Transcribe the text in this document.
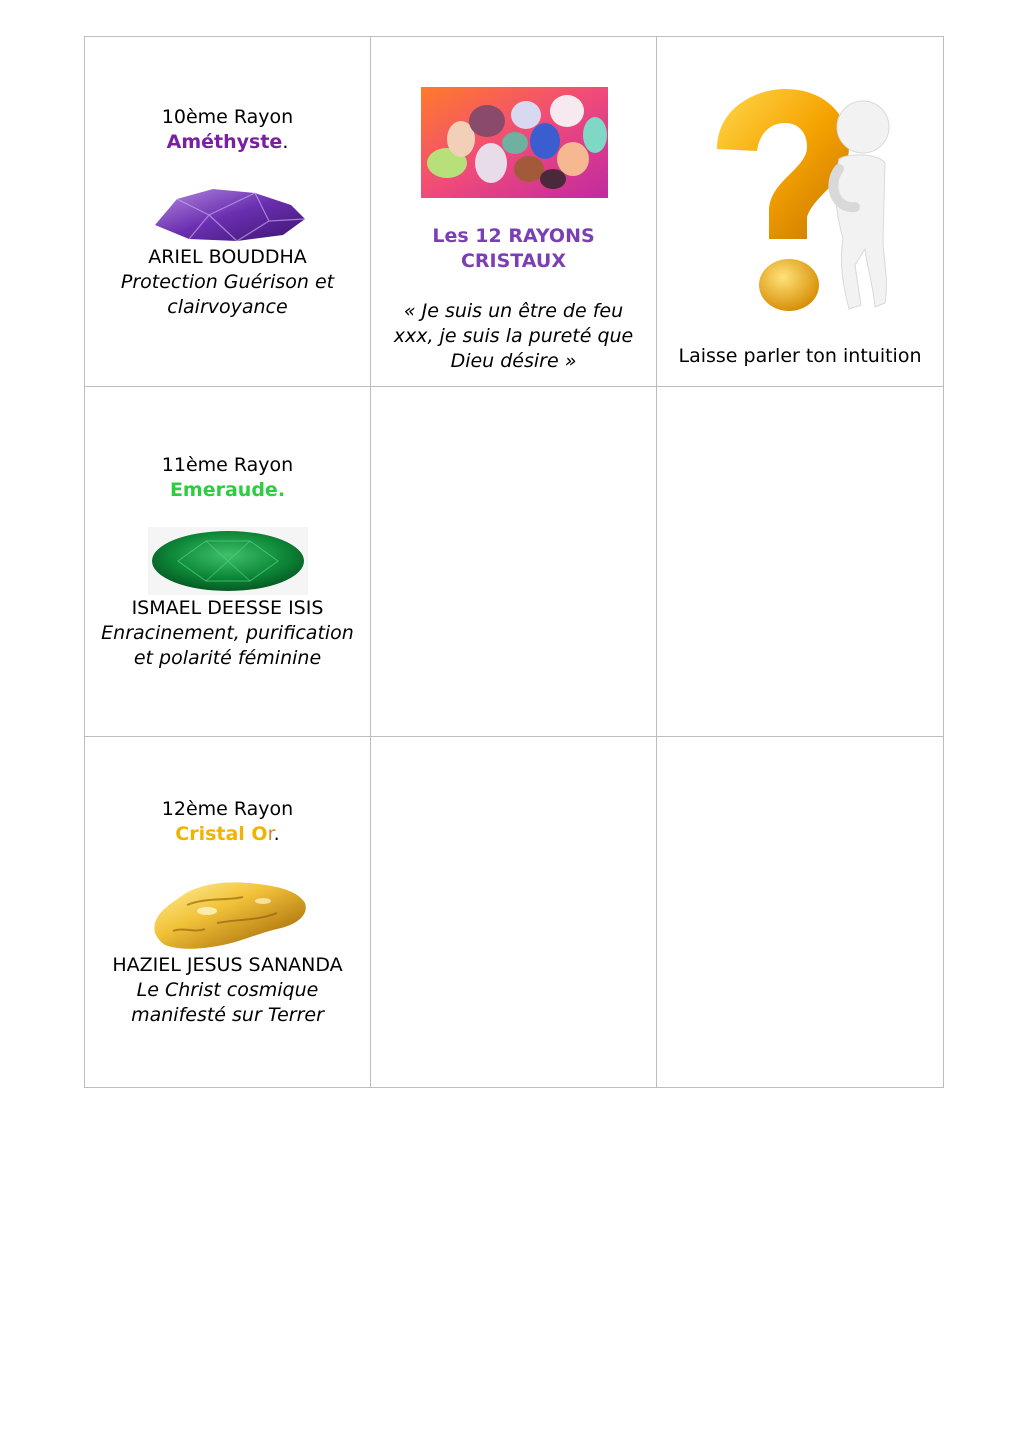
10ème Rayon
Améthyste.
ARIEL BOUDDHA
Protection Guérison et
clairvoyance
Les 12 RAYONS
CRISTAUX
« Je suis un être de feu
xxx, je suis la pureté que
Dieu désire »	Laisse parler ton intuition
11ème Rayon
Emeraude.
ISMAEL DEESSE ISIS
Enracinement, purification
et polarité féminine
12ème Rayon
Cristal Or.
HAZIEL JESUS SANANDA
Le Christ cosmique
manifesté sur Terrer
